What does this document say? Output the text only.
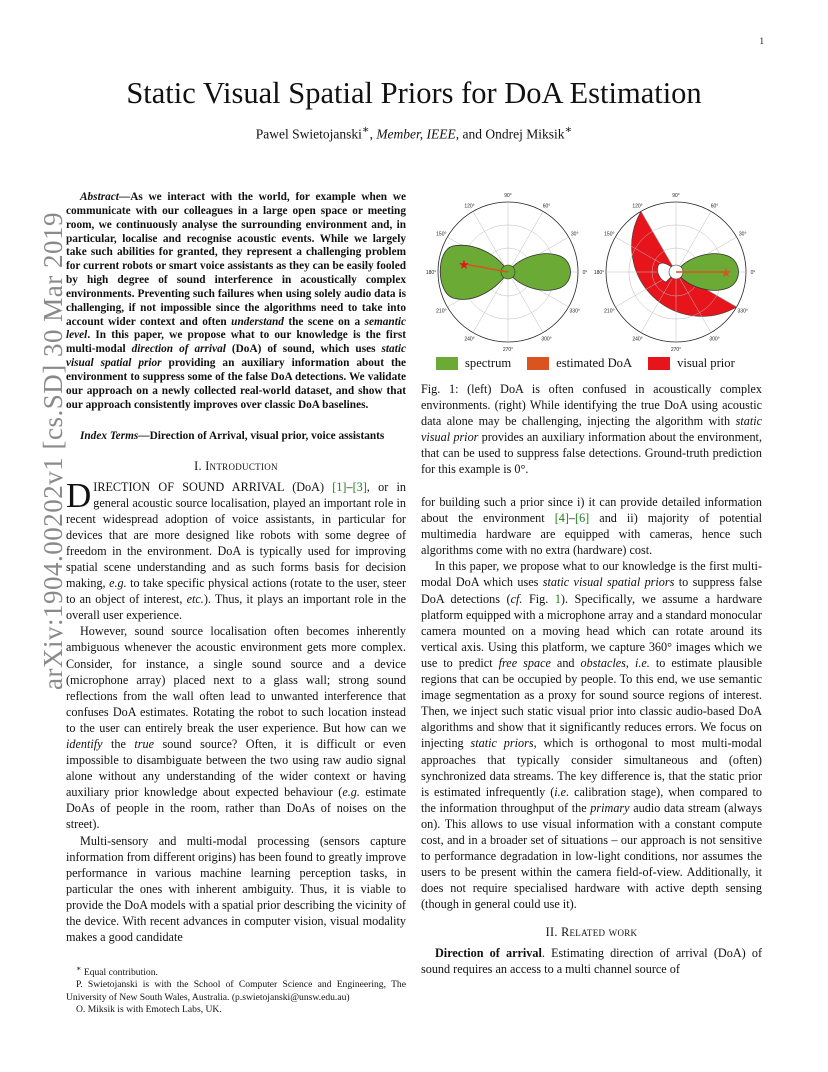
1
arXiv:1904.00202v1 [cs.SD] 30 Mar 2019
Static Visual Spatial Priors for DoA Estimation
Pawel Swietojanski∗, Member, IEEE, and Ondrej Miksik∗
Abstract—As we interact with the world, for example when we communicate with our colleagues in a large open space or meeting room, we continuously analyse the surrounding environment and, in particular, localise and recognise acoustic events. While we largely take such abilities for granted, they represent a challenging problem for current robots or smart voice assistants as they can be easily fooled by high degree of sound interference in acoustically complex environments. Preventing such failures when using solely audio data is challenging, if not impossible since the algorithms need to take into account wider context and often understand the scene on a semantic level. In this paper, we propose what to our knowledge is the first multi-modal direction of arrival (DoA) of sound, which uses static visual spatial prior providing an auxiliary information about the environment to suppress some of the false DoA detections. We validate our approach on a newly collected real-world dataset, and show that our approach consistently improves over classic DoA baselines.
Index Terms—Direction of Arrival, visual prior, voice assistants
I. Introduction

DIRECTION OF SOUND ARRIVAL (DoA) [1]–[3], or in general acoustic source localisation, played an important role in recent widespread adoption of voice assistants, in particular for devices that are more designed like robots with some degree of freedom in the environment. DoA is typically used for improving spatial scene understanding and as such forms basis for decision making, e.g. to take specific physical actions (rotate to the user, steer to an object of interest, etc.). Thus, it plays an important role in the overall user experience.

However, sound source localisation often becomes inherently ambiguous whenever the acoustic environment gets more complex. Consider, for instance, a single sound source and a device (microphone array) placed next to a glass wall; strong sound reflections from the wall often lead to unwanted interference that confuses DoA estimates. Rotating the robot to such location instead to the user can entirely break the user experience. But how can we identify the true sound source? Often, it is difficult or even impossible to disambiguate between the two using raw audio signal alone without any understanding of the wider context or having auxiliary prior knowledge about expected behaviour (e.g. estimate DoAs of people in the room, rather than DoAs of noises on the street).

Multi-sensory and multi-modal processing (sensors capture information from different origins) has been found to greatly improve performance in various machine learning perception tasks, in particular the ones with inherent ambiguity. Thus, it is viable to provide the DoA models with a spatial prior describing the vicinity of the device. With recent advances in computer vision, visual modality makes a good candidate

∗ Equal contribution.
P. Swietojanski is with the School of Computer Science and Engineering, The University of New South Wales, Australia. (p.swietojanski@unsw.edu.au)
O. Miksik is with Emotech Labs, UK.
★
0°
30°
60°
90°
120°
150°
180°
210°
240°
270°
300°
330°
★	0°
30°
60°
90°
120°
150°
180°
210°
240°
270°
300°
330°
spectrum	estimated DoA	visual prior
Fig. 1: (left) DoA is often confused in acoustically complex environments. (right) While identifying the true DoA using acoustic data alone may be challenging, injecting the algorithm with static visual prior provides an auxiliary information about the environment, that can be used to suppress false detections. Ground-truth prediction for this example is 0°.

for building such a prior since i) it can provide detailed information about the environment [4]–[6] and ii) majority of potential multimedia hardware are equipped with cameras, hence such algorithms come with no extra (hardware) cost.

In this paper, we propose what to our knowledge is the first multi-modal DoA which uses static visual spatial priors to suppress false DoA detections (cf. Fig. 1). Specifically, we assume a hardware platform equipped with a microphone array and a standard monocular camera mounted on a moving head which can rotate around its vertical axis. Using this platform, we capture 360° images which we use to predict free space and obstacles, i.e. to estimate plausible regions that can be occupied by people. To this end, we use semantic image segmentation as a proxy for sound source regions of interest. Then, we inject such static visual prior into classic audio-based DoA algorithms and show that it significantly reduces errors. We focus on injecting static priors, which is orthogonal to most multi-modal approaches that typically consider simultaneous and (often) synchronized data streams. The key difference is, that the static prior is estimated infrequently (i.e. calibration stage), when compared to the information throughput of the primary audio data stream (always on). This allows to use visual information with a constant compute cost, and in a broader set of situations – our approach is not sensitive to performance degradation in low-light conditions, nor assumes the users to be present within the camera field-of-view. Additionally, it does not require specialised hardware with active depth sensing (though in general could use it).

II. Related work

Direction of arrival. Estimating direction of arrival (DoA) of sound requires an access to a multi channel source of
